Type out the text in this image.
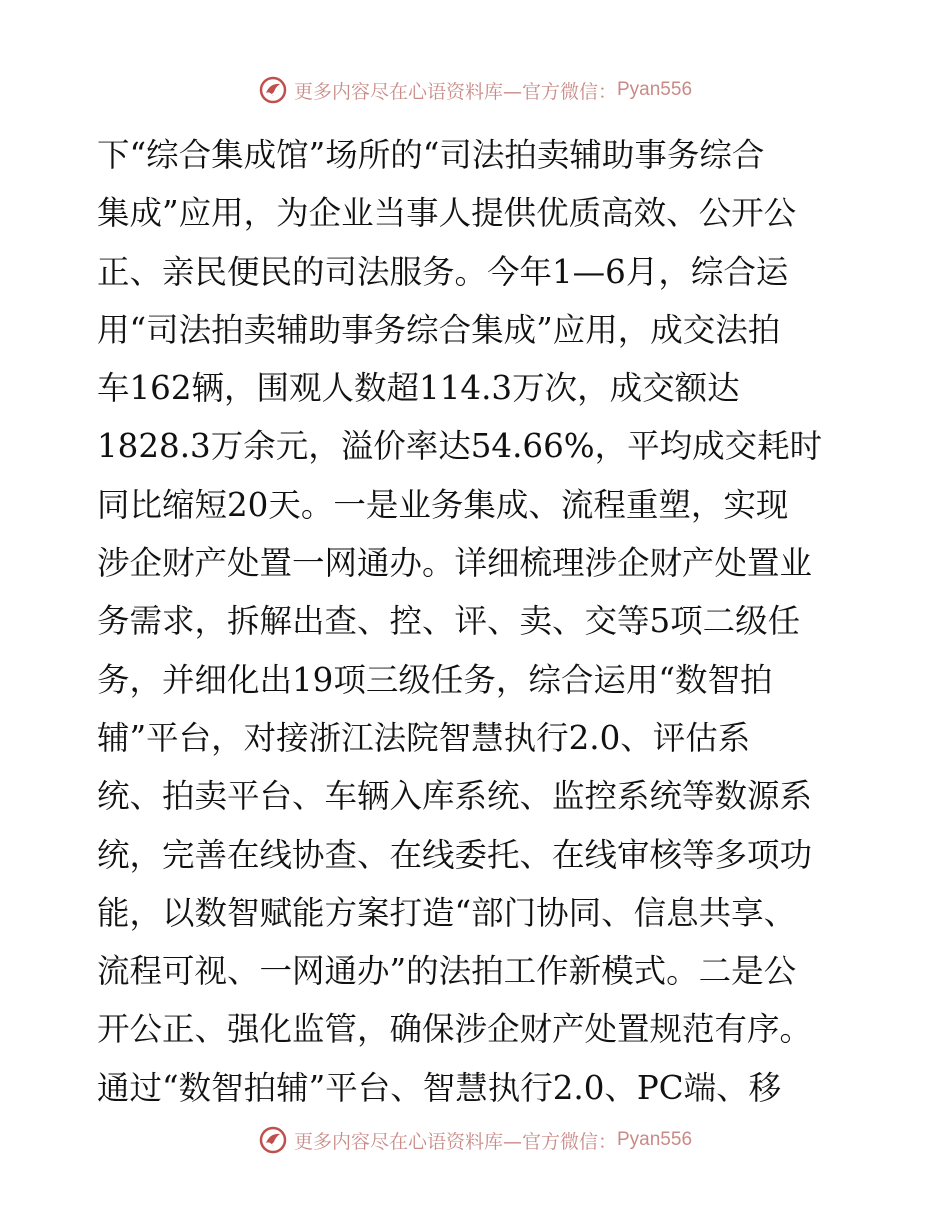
更多内容尽在心语资料库—官方微信： Pyan556
下“综合集成馆”场所的“司法拍卖辅助事务综合
集成”应用，为企业当事人提供优质高效、公开公
正、亲民便民的司法服务。今年1—6月，综合运
用“司法拍卖辅助事务综合集成”应用，成交法拍
车162辆，围观人数超114.3万次，成交额达
1828.3万余元，溢价率达54.66%，平均成交耗时
同比缩短20天。一是业务集成、流程重塑，实现
涉企财产处置一网通办。详细梳理涉企财产处置业
务需求，拆解出查、控、评、卖、交等5项二级任
务，并细化出19项三级任务，综合运用“数智拍
辅”平台，对接浙江法院智慧执行2.0、评估系
统、拍卖平台、车辆入库系统、监控系统等数源系
统，完善在线协查、在线委托、在线审核等多项功
能，以数智赋能方案打造“部门协同、信息共享、
流程可视、一网通办”的法拍工作新模式。二是公
开公正、强化监管，确保涉企财产处置规范有序。
通过“数智拍辅”平台、智慧执行2.0、PC端、移
更多内容尽在心语资料库—官方微信： Pyan556
